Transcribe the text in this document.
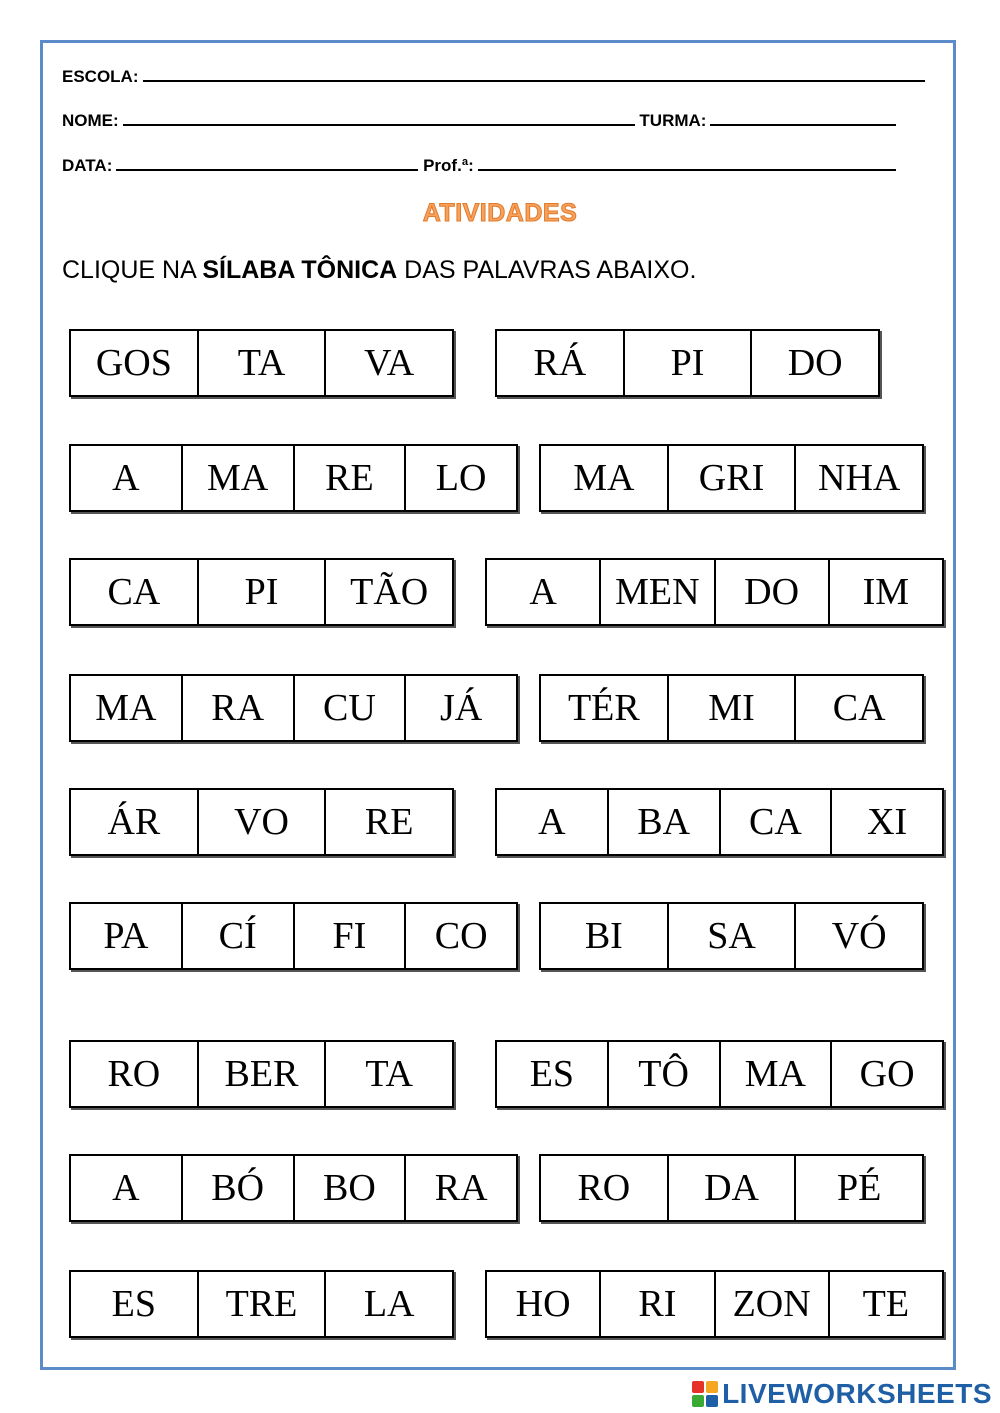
ESCOLA:
NOME:	TURMA:
DATA:	Prof.ª:
ATIVIDADES
CLIQUE NA SÍLABA TÔNICA DAS PALAVRAS ABAIXO.
GOS	TA	VA	RÁ	PI	DO
A	MA	RE	LO	MA	GRI	NHA
CA	PI	TÃO	A	MEN	DO	IM
MA	RA	CU	JÁ	TÉR	MI	CA
ÁR	VO	RE	A	BA	CA	XI
PA	CÍ	FI	CO	BI	SA	VÓ
RO	BER	TA	ES	TÔ	MA	GO
A	BÓ	BO	RA	RO	DA	PÉ
ES	TRE	LA	HO	RI	ZON	TE
LIVEWORKSHEETS
